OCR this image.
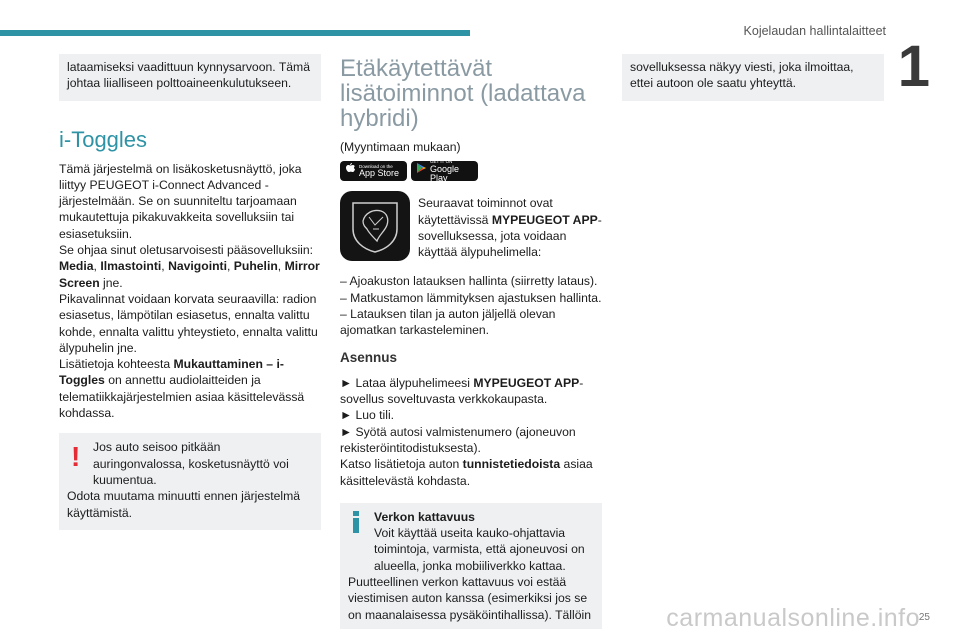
Kojelaudan hallintalaitteet
1
lataamiseksi vaadittuun kynnysarvoon. Tämä johtaa liialliseen polttoaineenkulutukseen.
i-Toggles
Tämä järjestelmä on lisäkosketusnäyttö, joka liittyy PEUGEOT i-Connect Advanced -järjestelmään. Se on suunniteltu tarjoamaan mukautettuja pikakuvakkeita sovelluksiin tai esiasetuksiin.
Se ohjaa sinut oletusarvoisesti pääsovelluksiin: Media, Ilmastointi, Navigointi, Puhelin, Mirror Screen jne.
Pikavalinnat voidaan korvata seuraavilla: radion esiasetus, lämpötilan esiasetus, ennalta valittu kohde, ennalta valittu yhteystieto, ennalta valittu älypuhelin jne.
Lisätietoja kohteesta Mukauttaminen – i-Toggles on annettu audiolaitteiden ja telematiikkajärjestelmien asiaa käsittelevässä kohdassa.
!	Jos auto seisoo pitkään auringonvalossa, kosketusnäyttö voi kuumentua.
Odota muutama minuutti ennen järjestelmä käyttämistä.
Etäkäytettävät lisätoiminnot (ladattava hybridi)
(Myyntimaan mukaan)
Download on the
App Store
GET IT ON
Google Play
Seuraavat toiminnot ovat käytettävissä MYPEUGEOT APP-sovelluksessa, jota voidaan käyttää älypuhelimella:
– Ajoakuston latauksen hallinta (siirretty lataus).
– Matkustamon lämmityksen ajastuksen hallinta.
– Latauksen tilan ja auton jäljellä olevan ajomatkan tarkasteleminen.
Asennus
► Lataa älypuhelimeesi MYPEUGEOT APP-sovellus soveltuvasta verkkokaupasta.
► Luo tili.
► Syötä autosi valmistenumero (ajoneuvon rekisteröintitodistuksesta).
Katso lisätietoja auton tunnistetiedoista asiaa käsittelevästä kohdasta.
Verkon kattavuus
Voit käyttää useita kauko-ohjattavia toimintoja, varmista, että ajoneuvosi on alueella, jonka mobiiliverkko kattaa.
Puutteellinen verkon kattavuus voi estää viestimisen auton kanssa (esimerkiksi jos se on maanalaisessa pysäköintihallissa). Tällöin
sovelluksessa näkyy viesti, joka ilmoittaa, ettei autoon ole saatu yhteyttä.
carmanualsonline.info
25
